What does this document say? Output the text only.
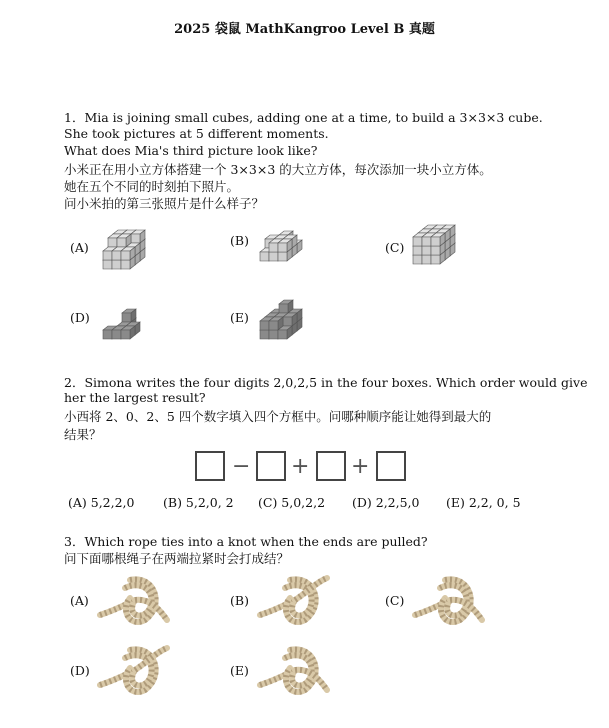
2025 袋鼠 MathKangroo Level B 真题
1．Mia is joining small cubes, adding one at a time, to build a 3×3×3 cube.
She took pictures at 5 different moments.
What does Mia's third picture look like?
小米正在用小立方体搭建一个 3×3×3 的大立方体，每次添加一块小立方体。
她在五个不同的时刻拍下照片。
问小米拍的第三张照片是什么样子？
(A)	(B)	(C)
(D)	(E)
2．Simona writes the four digits 2,0,2,5 in the four boxes. Which order would give
her the largest result?
小西将 2、0、2、5 四个数字填入四个方框中。问哪种顺序能让她得到最大的
结果？
− + +
(A) 5,2,2,0 (B) 5,2,0, 2 (C) 5,0,2,2 (D) 2,2,5,0 (E) 2,2, 0, 5
3．Which rope ties into a knot when the ends are pulled?
问下面哪根绳子在两端拉紧时会打成结？
(A)	(B)	(C)
(D)	(E)
